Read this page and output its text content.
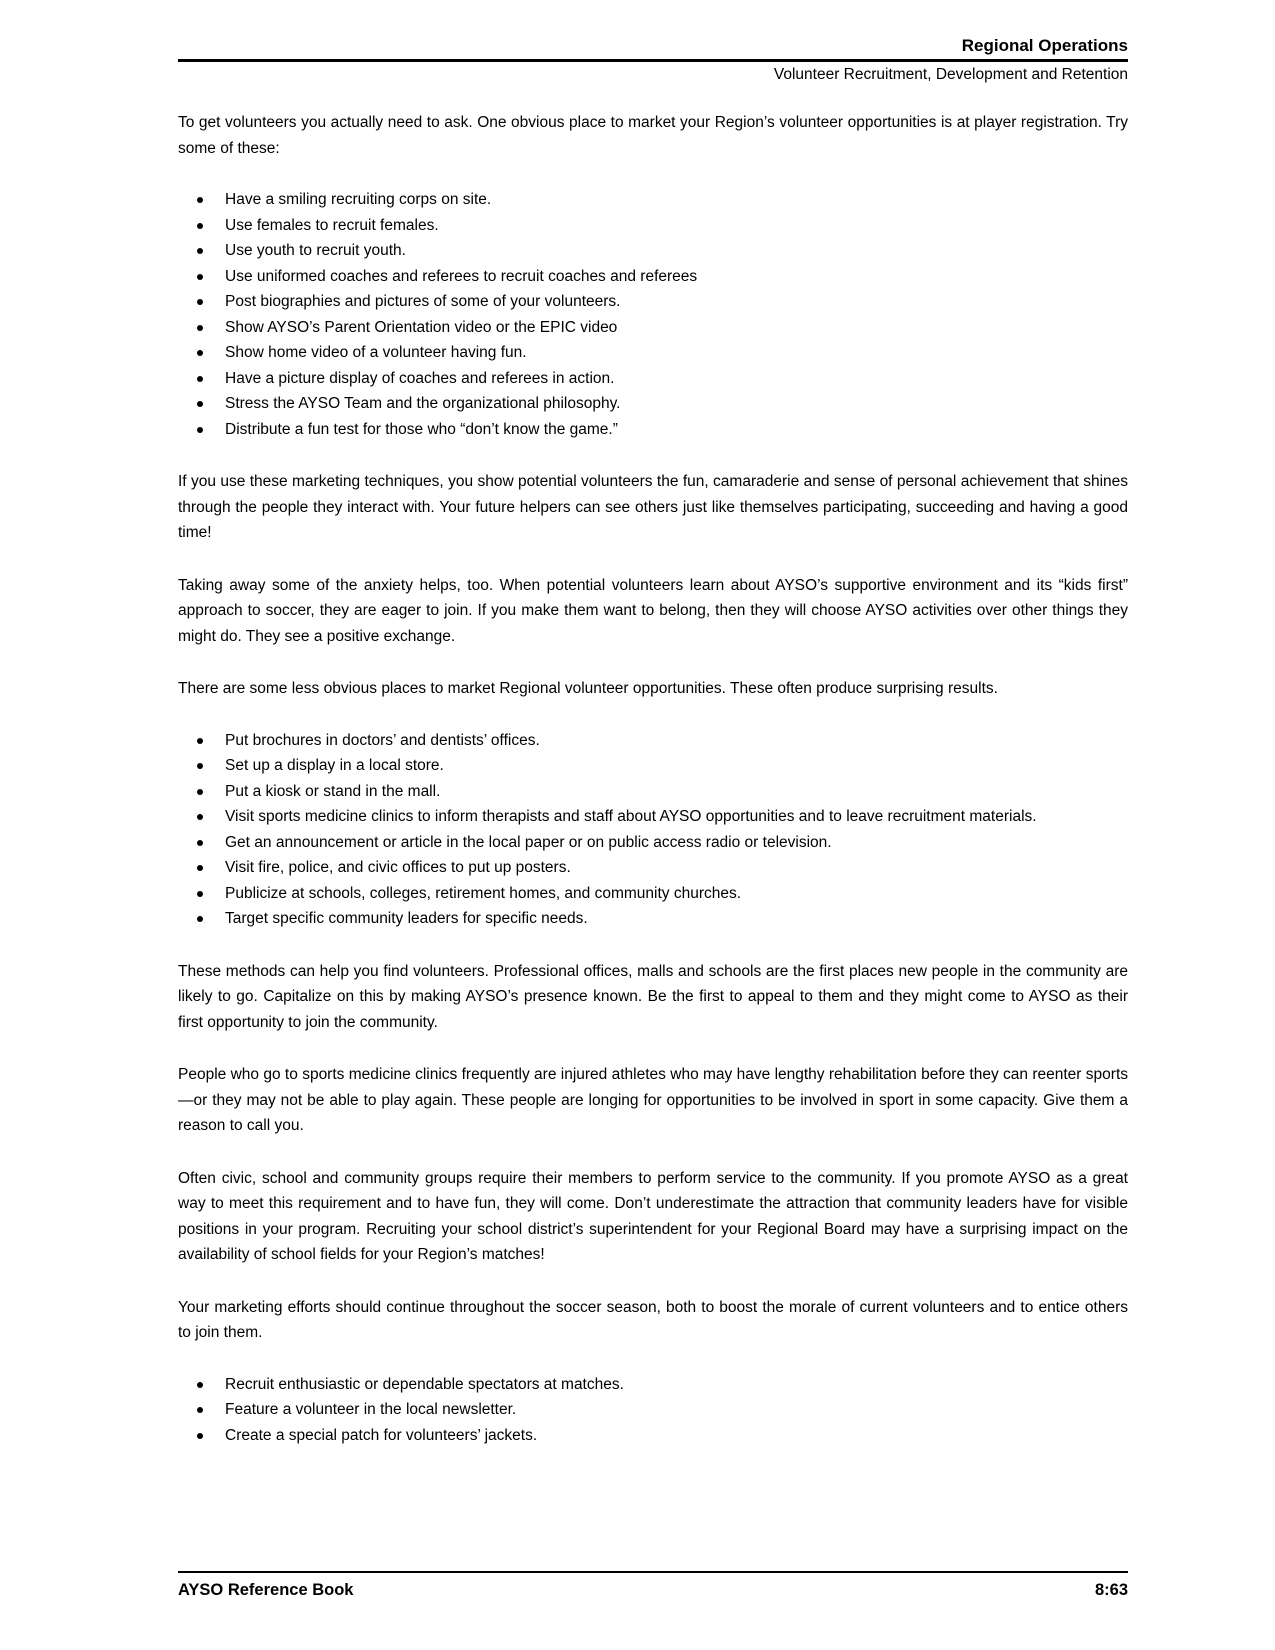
Regional Operations
Volunteer Recruitment, Development and Retention

To get volunteers you actually need to ask. One obvious place to market your Region’s volunteer opportunities is at player registration. Try some of these:

Have a smiling recruiting corps on site.
Use females to recruit females.
Use youth to recruit youth.
Use uniformed coaches and referees to recruit coaches and referees
Post biographies and pictures of some of your volunteers.
Show AYSO’s Parent Orientation video or the EPIC video
Show home video of a volunteer having fun.
Have a picture display of coaches and referees in action.
Stress the AYSO Team and the organizational philosophy.
Distribute a fun test for those who “don’t know the game.”

If you use these marketing techniques, you show potential volunteers the fun, camaraderie and sense of personal achievement that shines through the people they interact with. Your future helpers can see others just like themselves participating, succeeding and having a good time!

Taking away some of the anxiety helps, too. When potential volunteers learn about AYSO’s supportive environment and its “kids first” approach to soccer, they are eager to join. If you make them want to belong, then they will choose AYSO activities over other things they might do. They see a positive exchange.

There are some less obvious places to market Regional volunteer opportunities. These often produce surprising results.

Put brochures in doctors’ and dentists’ offices.
Set up a display in a local store.
Put a kiosk or stand in the mall.
Visit sports medicine clinics to inform therapists and staff about AYSO opportunities and to leave recruitment materials.
Get an announcement or article in the local paper or on public access radio or television.
Visit fire, police, and civic offices to put up posters.
Publicize at schools, colleges, retirement homes, and community churches.
Target specific community leaders for specific needs.

These methods can help you find volunteers. Professional offices, malls and schools are the first places new people in the community are likely to go. Capitalize on this by making AYSO’s presence known. Be the first to appeal to them and they might come to AYSO as their first opportunity to join the community.

People who go to sports medicine clinics frequently are injured athletes who may have lengthy rehabilitation before they can reenter sports—or they may not be able to play again. These people are longing for opportunities to be involved in sport in some capacity. Give them a reason to call you.

Often civic, school and community groups require their members to perform service to the community. If you promote AYSO as a great way to meet this requirement and to have fun, they will come. Don’t underestimate the attraction that community leaders have for visible positions in your program. Recruiting your school district’s superintendent for your Regional Board may have a surprising impact on the availability of school fields for your Region’s matches!

Your marketing efforts should continue throughout the soccer season, both to boost the morale of current volunteers and to entice others to join them.

Recruit enthusiastic or dependable spectators at matches.
Feature a volunteer in the local newsletter.
Create a special patch for volunteers’ jackets.
AYSO Reference Book	8:63
